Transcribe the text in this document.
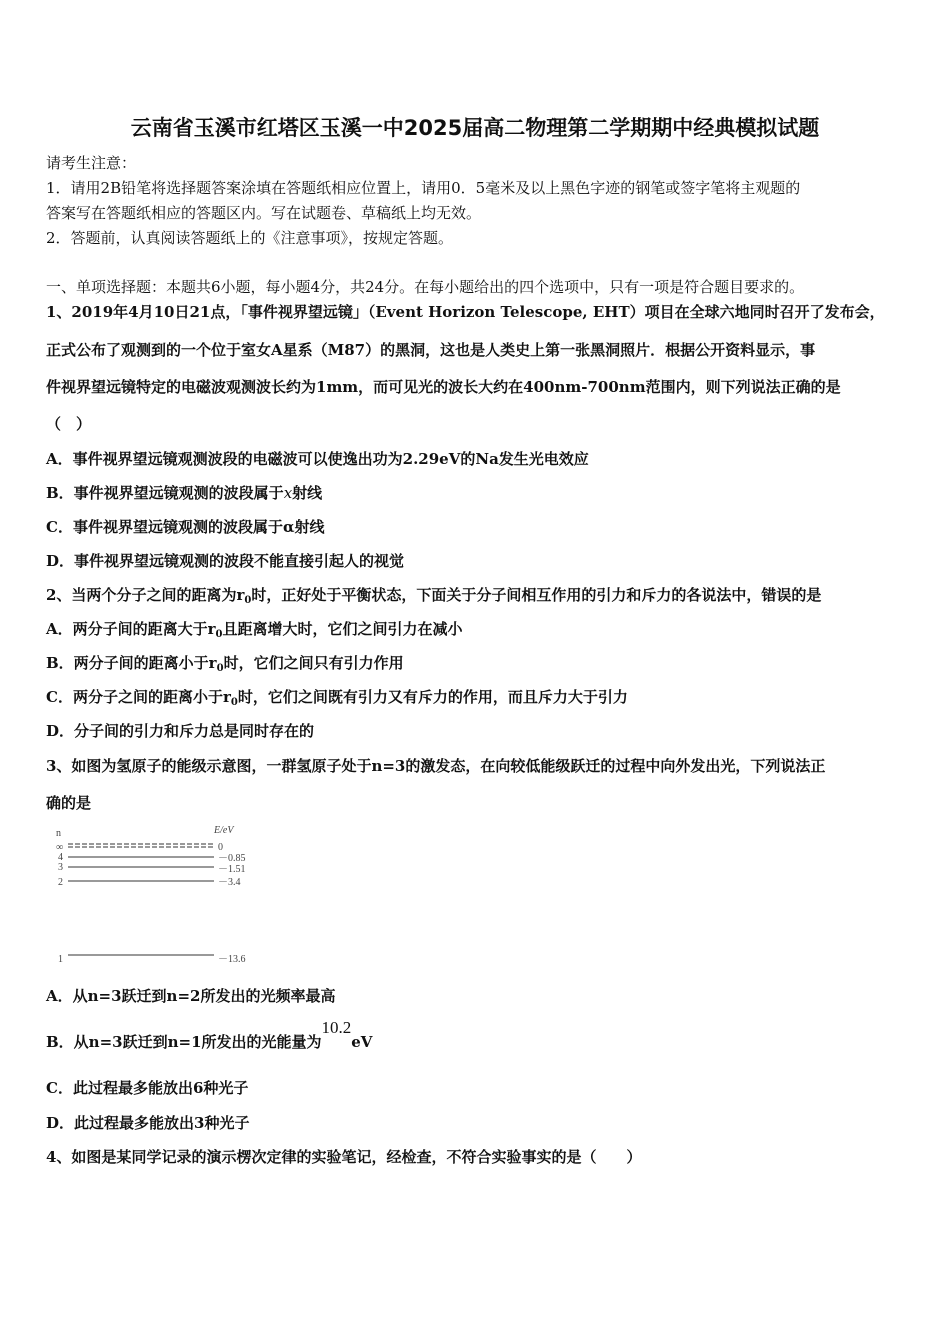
云南省玉溪市红塔区玉溪一中2025届高二物理第二学期期中经典模拟试题
请考生注意：
1．请用2B铅笔将选择题答案涂填在答题纸相应位置上，请用0．5毫米及以上黑色字迹的钢笔或签字笔将主观题的
答案写在答题纸相应的答题区内。写在试题卷、草稿纸上均无效。
2．答题前，认真阅读答题纸上的《注意事项》，按规定答题。
一、单项选择题：本题共6小题，每小题4分，共24分。在每小题给出的四个选项中，只有一项是符合题目要求的。
1、2019年4月10日21点，「事件视界望远镜」（Event Horizon Telescope, EHT）项目在全球六地同时召开了发布会，
正式公布了观测到的一个位于室女A星系（M87）的黑洞，这也是人类史上第一张黑洞照片．根据公开资料显示，事
件视界望远镜特定的电磁波观测波长约为1mm，而可见光的波长大约在400nm-700nm范围内，则下列说法正确的是
（　）
A．事件视界望远镜观测波段的电磁波可以使逸出功为2.29eV的Na发生光电效应
B．事件视界望远镜观测的波段属于x射线
C．事件视界望远镜观测的波段属于α射线
D．事件视界望远镜观测的波段不能直接引起人的视觉
2、当两个分子之间的距离为$r_0$时，正好处于平衡状态，下面关于分子间相互作用的引力和斥力的各说法中，错误的是
A．两分子间的距离大于$r_0$且距离增大时，它们之间引力在减小
B．两分子间的距离小于$r_0$时，它们之间只有引力作用
C．两分子之间的距离小于$r_0$时，它们之间既有引力又有斥力的作用，而且斥力大于引力
D．分子间的引力和斥力总是同时存在的
3、如图为氢原子的能级示意图，一群氢原子处于n=3的激发态，在向较低能级跃迁的过程中向外发出光，下列说法正
确的是
n	E/eV
∞	0
4	－0.85
3	－1.51
2	－3.4
1	－13.6
A．从n=3跃迁到n=2所发出的光频率最高
B．从n=3跃迁到n=1所发出的光能量为10.2eV
C．此过程最多能放出6种光子
D．此过程最多能放出3种光子
4、如图是某同学记录的演示楞次定律的实验笔记，经检查，不符合实验事实的是（　　）
